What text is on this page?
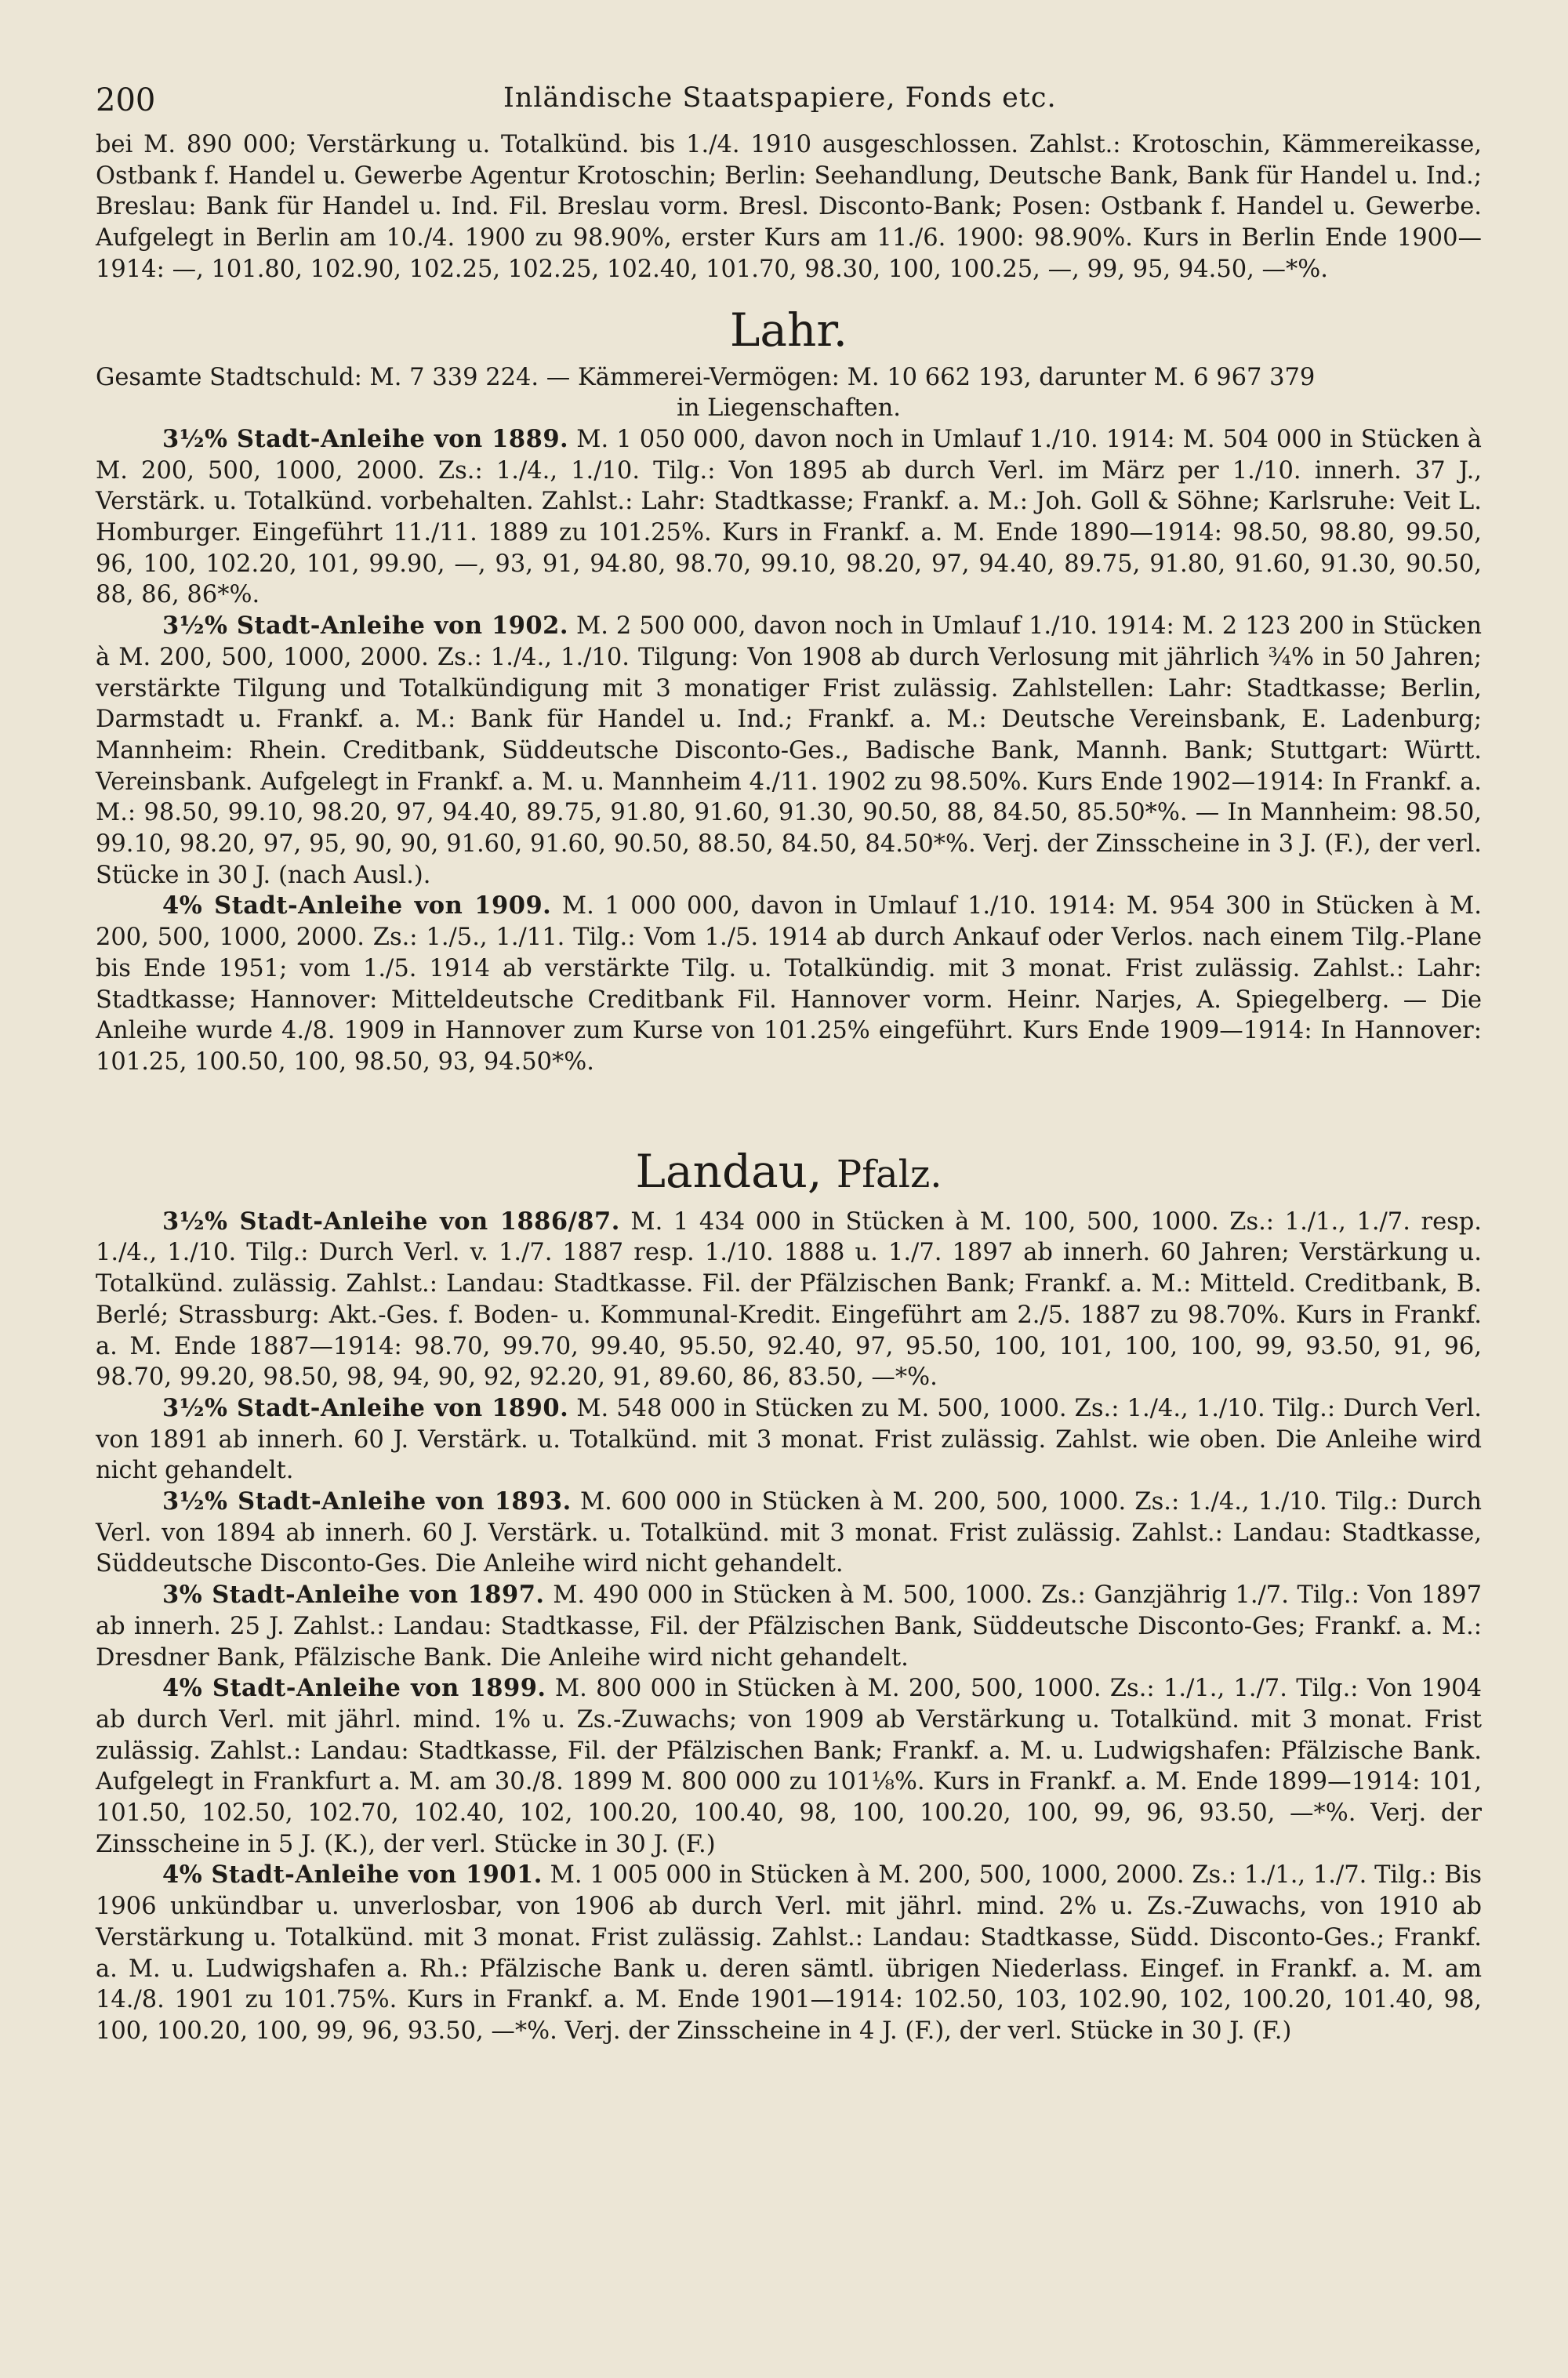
200	Inländische Staatspapiere, Fonds etc.

bei M. 890 000; Verstärkung u. Totalkünd. bis 1./4. 1910 ausgeschlossen. Zahlst.: Krotoschin, Kämmereikasse, Ostbank f. Handel u. Gewerbe Agentur Krotoschin; Berlin: Seehandlung, Deutsche Bank, Bank für Handel u. Ind.; Breslau: Bank für Handel u. Ind. Fil. Breslau vorm. Bresl. Disconto-Bank; Posen: Ostbank f. Handel u. Gewerbe. Aufgelegt in Berlin am 10./4. 1900 zu 98.90%, erster Kurs am 11./6. 1900: 98.90%. Kurs in Berlin Ende 1900—1914: —, 101.80, 102.90, 102.25, 102.25, 102.40, 101.70, 98.30, 100, 100.25, —, 99, 95, 94.50, —*%.

Lahr.

Gesamte Stadtschuld: M. 7 339 224. — Kämmerei-Vermögen: M. 10 662 193, darunter M. 6 967 379
in Liegenschaften.

3½% Stadt-Anleihe von 1889. M. 1 050 000, davon noch in Umlauf 1./10. 1914: M. 504 000 in Stücken à M. 200, 500, 1000, 2000. Zs.: 1./4., 1./10. Tilg.: Von 1895 ab durch Verl. im März per 1./10. innerh. 37 J., Verstärk. u. Totalkünd. vorbehalten. Zahlst.: Lahr: Stadtkasse; Frankf. a. M.: Joh. Goll & Söhne; Karlsruhe: Veit L. Homburger. Eingeführt 11./11. 1889 zu 101.25%. Kurs in Frankf. a. M. Ende 1890—1914: 98.50, 98.80, 99.50, 96, 100, 102.20, 101, 99.90, —, 93, 91, 94.80, 98.70, 99.10, 98.20, 97, 94.40, 89.75, 91.80, 91.60, 91.30, 90.50, 88, 86, 86*%.

3½% Stadt-Anleihe von 1902. M. 2 500 000, davon noch in Umlauf 1./10. 1914: M. 2 123 200 in Stücken à M. 200, 500, 1000, 2000. Zs.: 1./4., 1./10. Tilgung: Von 1908 ab durch Verlosung mit jährlich ¾% in 50 Jahren; verstärkte Tilgung und Totalkündigung mit 3 monatiger Frist zulässig. Zahlstellen: Lahr: Stadtkasse; Berlin, Darmstadt u. Frankf. a. M.: Bank für Handel u. Ind.; Frankf. a. M.: Deutsche Vereinsbank, E. Ladenburg; Mannheim: Rhein. Creditbank, Süddeutsche Disconto-Ges., Badische Bank, Mannh. Bank; Stuttgart: Württ. Vereinsbank. Aufgelegt in Frankf. a. M. u. Mannheim 4./11. 1902 zu 98.50%. Kurs Ende 1902—1914: In Frankf. a. M.: 98.50, 99.10, 98.20, 97, 94.40, 89.75, 91.80, 91.60, 91.30, 90.50, 88, 84.50, 85.50*%. — In Mannheim: 98.50, 99.10, 98.20, 97, 95, 90, 90, 91.60, 91.60, 90.50, 88.50, 84.50, 84.50*%. Verj. der Zinsscheine in 3 J. (F.), der verl. Stücke in 30 J. (nach Ausl.).

4% Stadt-Anleihe von 1909. M. 1 000 000, davon in Umlauf 1./10. 1914: M. 954 300 in Stücken à M. 200, 500, 1000, 2000. Zs.: 1./5., 1./11. Tilg.: Vom 1./5. 1914 ab durch Ankauf oder Verlos. nach einem Tilg.-Plane bis Ende 1951; vom 1./5. 1914 ab verstärkte Tilg. u. Totalkündig. mit 3 monat. Frist zulässig. Zahlst.: Lahr: Stadtkasse; Hannover: Mitteldeutsche Creditbank Fil. Hannover vorm. Heinr. Narjes, A. Spiegelberg. — Die Anleihe wurde 4./8. 1909 in Hannover zum Kurse von 101.25% eingeführt. Kurs Ende 1909—1914: In Hannover: 101.25, 100.50, 100, 98.50, 93, 94.50*%.

Landau, Pfalz.

3½% Stadt-Anleihe von 1886/87. M. 1 434 000 in Stücken à M. 100, 500, 1000. Zs.: 1./1., 1./7. resp. 1./4., 1./10. Tilg.: Durch Verl. v. 1./7. 1887 resp. 1./10. 1888 u. 1./7. 1897 ab innerh. 60 Jahren; Verstärkung u. Totalkünd. zulässig. Zahlst.: Landau: Stadtkasse. Fil. der Pfälzischen Bank; Frankf. a. M.: Mitteld. Creditbank, B. Berlé; Strassburg: Akt.-Ges. f. Boden- u. Kommunal-Kredit. Eingeführt am 2./5. 1887 zu 98.70%. Kurs in Frankf. a. M. Ende 1887—1914: 98.70, 99.70, 99.40, 95.50, 92.40, 97, 95.50, 100, 101, 100, 100, 99, 93.50, 91, 96, 98.70, 99.20, 98.50, 98, 94, 90, 92, 92.20, 91, 89.60, 86, 83.50, —*%.

3½% Stadt-Anleihe von 1890. M. 548 000 in Stücken zu M. 500, 1000. Zs.: 1./4., 1./10. Tilg.: Durch Verl. von 1891 ab innerh. 60 J. Verstärk. u. Totalkünd. mit 3 monat. Frist zulässig. Zahlst. wie oben. Die Anleihe wird nicht gehandelt.

3½% Stadt-Anleihe von 1893. M. 600 000 in Stücken à M. 200, 500, 1000. Zs.: 1./4., 1./10. Tilg.: Durch Verl. von 1894 ab innerh. 60 J. Verstärk. u. Totalkünd. mit 3 monat. Frist zulässig. Zahlst.: Landau: Stadtkasse, Süddeutsche Disconto-Ges. Die Anleihe wird nicht gehandelt.

3% Stadt-Anleihe von 1897. M. 490 000 in Stücken à M. 500, 1000. Zs.: Ganzjährig 1./7. Tilg.: Von 1897 ab innerh. 25 J. Zahlst.: Landau: Stadtkasse, Fil. der Pfälzischen Bank, Süddeutsche Disconto-Ges; Frankf. a. M.: Dresdner Bank, Pfälzische Bank. Die Anleihe wird nicht gehandelt.

4% Stadt-Anleihe von 1899. M. 800 000 in Stücken à M. 200, 500, 1000. Zs.: 1./1., 1./7. Tilg.: Von 1904 ab durch Verl. mit jährl. mind. 1% u. Zs.-Zuwachs; von 1909 ab Verstärkung u. Totalkünd. mit 3 monat. Frist zulässig. Zahlst.: Landau: Stadtkasse, Fil. der Pfälzischen Bank; Frankf. a. M. u. Ludwigshafen: Pfälzische Bank. Aufgelegt in Frankfurt a. M. am 30./8. 1899 M. 800 000 zu 101⅛%. Kurs in Frankf. a. M. Ende 1899—1914: 101, 101.50, 102.50, 102.70, 102.40, 102, 100.20, 100.40, 98, 100, 100.20, 100, 99, 96, 93.50, —*%. Verj. der Zinsscheine in 5 J. (K.), der verl. Stücke in 30 J. (F.)

4% Stadt-Anleihe von 1901. M. 1 005 000 in Stücken à M. 200, 500, 1000, 2000. Zs.: 1./1., 1./7. Tilg.: Bis 1906 unkündbar u. unverlosbar, von 1906 ab durch Verl. mit jährl. mind. 2% u. Zs.-Zuwachs, von 1910 ab Verstärkung u. Totalkünd. mit 3 monat. Frist zulässig. Zahlst.: Landau: Stadtkasse, Südd. Disconto-Ges.; Frankf. a. M. u. Ludwigshafen a. Rh.: Pfälzische Bank u. deren sämtl. übrigen Niederlass. Eingef. in Frankf. a. M. am 14./8. 1901 zu 101.75%. Kurs in Frankf. a. M. Ende 1901—1914: 102.50, 103, 102.90, 102, 100.20, 101.40, 98, 100, 100.20, 100, 99, 96, 93.50, —*%. Verj. der Zinsscheine in 4 J. (F.), der verl. Stücke in 30 J. (F.)
